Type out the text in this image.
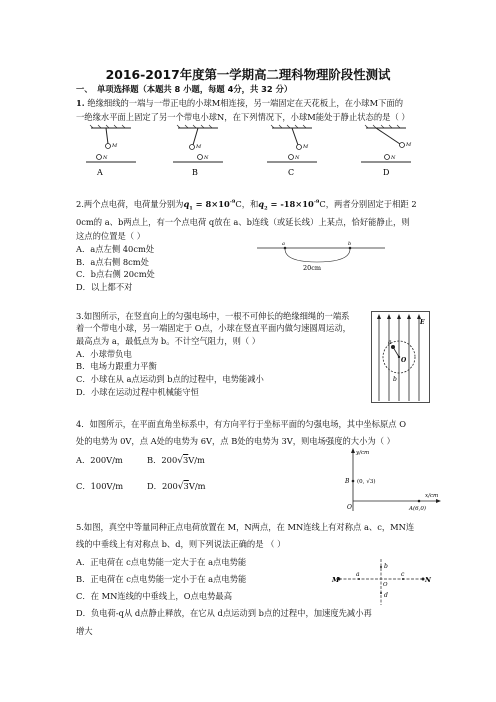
2016-2017年度第一学期高二理科物理阶段性测试
一、 单项选择题（本题共 8 小题，每题 4分，共 32 分）
1. 绝缘细线的一端与一带正电的小球M相连接，另一端固定在天花板上，在小球M下面的
一绝缘水平面上固定了另一个带电小球N，在下列情况下，小球M能处于静止状态的是（ ）
M
N
M
N
M
N
M
N
A	B	C	D
2.两个点电荷，电荷量分别为$q_1 = 8\times 10^{-9}C$，和$q_2 = -18\times 10^{-9}C$，两者分别固定于相距 2
0cm的 a、b两点上，有一个点电荷 q放在 a、b连线（或延长线）上某点，恰好能静止，则
这点的位置是（ ）
A．a点左侧 40cm处
B．a点右侧 8cm处
C．b点右侧 20cm处
D．以上都不对
a	b
20cm
3.如图所示，在竖直向上的匀强电场中，一根不可伸长的绝缘细绳的一端系
着一个带电小球，另一端固定于 O点，小球在竖直平面内做匀速圆周运动，
最高点为 a，最低点为 b。不计空气阻力，则（ ）
A．小球带负电
B．电场力跟重力平衡
C．小球在从 a点运动到 b点的过程中，电势能减小
D．小球在运动过程中机械能守恒
E
a
O
b
4．如图所示，在平面直角坐标系中，有方向平行于坐标平面的匀强电场，其中坐标原点 O
处的电势为 0V，点 A处的电势为 6V，点 B处的电势为 3V，则电场强度的大小为（ ）
A．200V/m	B．200√3V/m
C．100V/m	D．200√3V/m
y/cm
x/cm
B (0, √3)
O	A(6,0)
5.如图，真空中等量同种正点电荷放置在 M，N两点，在 MN连线上有对称点 a、c，MN连
线的中垂线上有对称点 b、d，则下列说法正确的是 （ ）
A．正电荷在 c点电势能一定大于在 a点电势能
B．正电荷在 c点电势能一定小于在 a点电势能
C．在 MN连线的中垂线上，O点电势最高
D．负电荷-q从 d点静止释放，在它从 d点运动到 b点的过程中，加速度先减小再
增大
M	N
a	c
b
d
O
